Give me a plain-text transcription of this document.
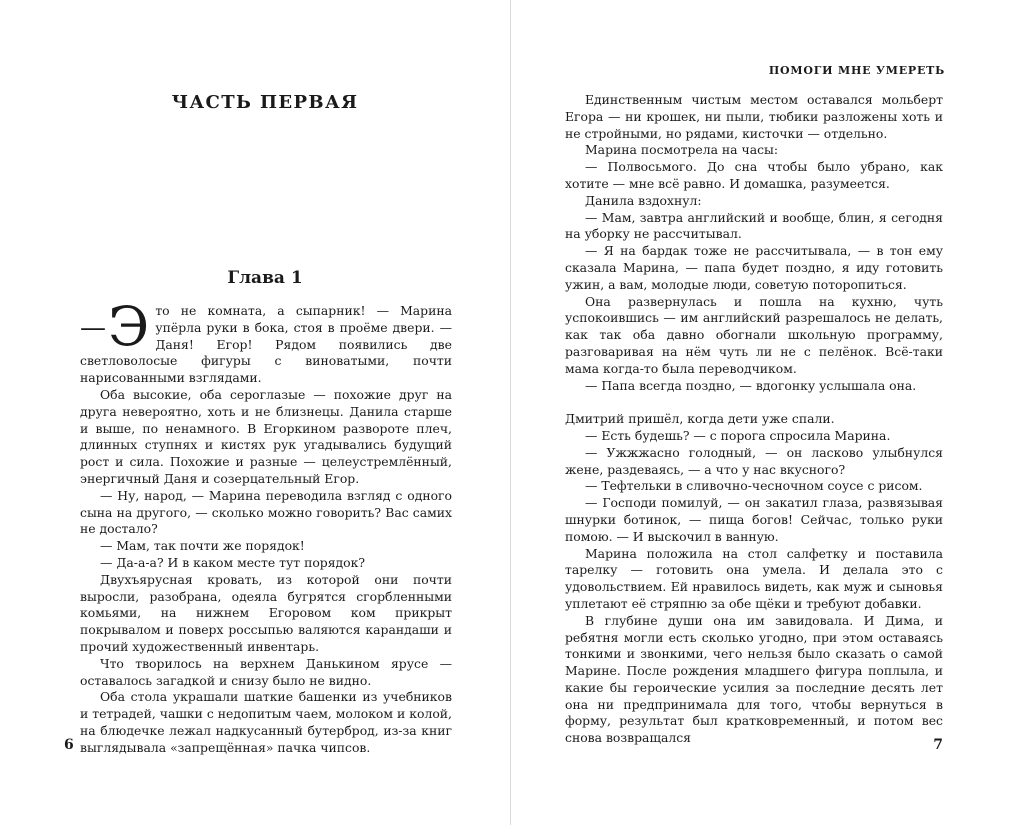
ЧАСТЬ ПЕРВАЯ
Глава 1

— Э то не комната, а сыпарник! — Марина упёрла руки в бока, стоя в проёме двери. — Даня! Егор! Рядом появились две светловолосые фигуры с виноватыми, почти нарисованными взглядами.

Оба высокие, оба сероглазые — похожие друг на друга невероятно, хоть и не близнецы. Данила старше и выше, по ненамного. В Егоркином развороте плеч, длинных ступнях и кистях рук угадывались будущий рост и сила. Похожие и разные — целеустремлённый, энергичный Даня и созерцательный Егор.

— Ну, народ, — Марина переводила взгляд с одного сына на другого, — сколько можно говорить? Вас самих не достало?

— Мам, так почти же порядок!

— Да-а-а? И в каком месте тут порядок?

Двухъярусная кровать, из которой они почти выросли, разобрана, одеяла бугрятся сгорбленными комьями, на нижнем Егоровом ком прикрыт покрывалом и поверх россыпью валяются карандаши и прочий художественный инвентарь.

Что творилось на верхнем Данькином ярусе — оставалось загадкой и снизу было не видно.

Оба стола украшали шаткие башенки из учебников и тетрадей, чашки с недопитым чаем, молоком и колой, на блюдечке лежал надкусанный бутерброд, из-за книг выглядывала «запрещённая» пачка чипсов.

6
ПОМОГИ МНЕ УМЕРЕТЬ

Единственным чистым местом оставался мольберт Егора — ни крошек, ни пыли, тюбики разложены хоть и не стройными, но рядами, кисточки — отдельно.

Марина посмотрела на часы:

— Полвосьмого. До сна чтобы было убрано, как хотите — мне всё равно. И домашка, разумеется.

Данила вздохнул:

— Мам, завтра английский и вообще, блин, я сегодня на уборку не рассчитывал.

— Я на бардак тоже не рассчитывала, — в тон ему сказала Марина, — папа будет поздно, я иду готовить ужин, а вам, молодые люди, советую поторопиться.

Она развернулась и пошла на кухню, чуть успокоившись — им английский разрешалось не делать, как так оба давно обогнали школьную программу, разговаривая на нём чуть ли не с пелёнок. Всё-таки мама когда-то была переводчиком.

— Папа всегда поздно, — вдогонку услышала она.

Дмитрий пришёл, когда дети уже спали.

— Есть будешь? — с порога спросила Марина.

— Ужжжасно голодный, — он ласково улыбнулся жене, раздеваясь, — а что у нас вкусного?

— Тефтельки в сливочно-чесночном соусе с рисом.

— Господи помилуй, — он закатил глаза, развязывая шнурки ботинок, — пища богов! Сейчас, только руки помою. — И выскочил в ванную.

Марина положила на стол салфетку и поставила тарелку — готовить она умела. И делала это с удовольствием. Ей нравилось видеть, как муж и сыновья уплетают её стряпню за обе щёки и требуют добавки.

В глубине души она им завидовала. И Дима, и ребятня могли есть сколько угодно, при этом оставаясь тонкими и звонкими, чего нельзя было сказать о самой Марине. После рождения младшего фигура поплыла, и какие бы героические усилия за последние десять лет она ни предпринимала для того, чтобы вернуться в форму, результат был кратковременный, и потом вес снова возвращался	7
